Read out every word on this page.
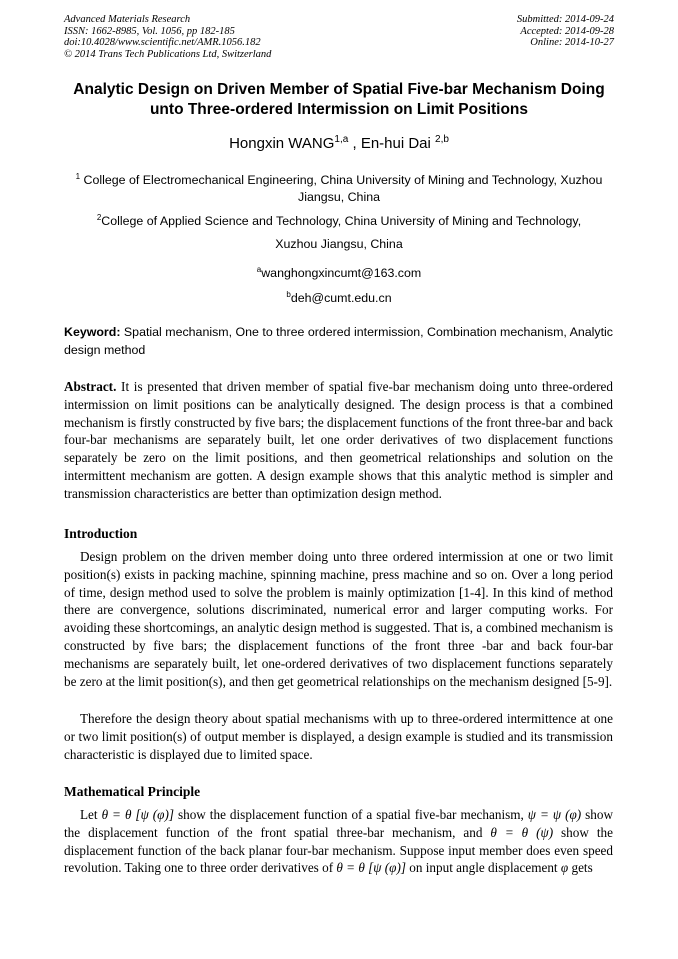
Advanced Materials Research
ISSN: 1662-8985, Vol. 1056, pp 182-185
doi:10.4028/www.scientific.net/AMR.1056.182
© 2014 Trans Tech Publications Ltd, Switzerland
Submitted: 2014-09-24
Accepted: 2014-09-28
Online: 2014-10-27
Analytic Design on Driven Member of Spatial Five-bar Mechanism Doing
unto Three-ordered Intermission on Limit Positions
Hongxin WANG$^{1,a}$ , En-hui Dai $^{2,b}$
$^1$ College of Electromechanical Engineering, China University of Mining and Technology, Xuzhou
Jiangsu, China
$^2$College of Applied Science and Technology, China University of Mining and Technology,
Xuzhou Jiangsu, China
$^a$wanghongxincumt@163.com
$^b$deh@cumt.edu.cn
Keyword: Spatial mechanism, One to three ordered intermission, Combination mechanism, Analytic design method
Abstract. It is presented that driven member of spatial five-bar mechanism doing unto three-ordered intermission on limit positions can be analytically designed. The design process is that a combined mechanism is firstly constructed by five bars; the displacement functions of the front three-bar and back four-bar mechanisms are separately built, let one order derivatives of two displacement functions separately be zero on the limit positions, and then geometrical relationships and solution on the intermittent mechanism are gotten. A design example shows that this analytic method is simpler and transmission characteristics are better than optimization design method.
Introduction
Design problem on the driven member doing unto three ordered intermission at one or two limit position(s) exists in packing machine, spinning machine, press machine and so on. Over a long period of time, design method used to solve the problem is mainly optimization [1-4]. In this kind of method there are convergence, solutions discriminated, numerical error and larger computing works. For avoiding these shortcomings, an analytic design method is suggested. That is, a combined mechanism is constructed by five bars; the displacement functions of the front three -bar and back four-bar mechanisms are separately built, let one-ordered derivatives of two displacement functions separately be zero at the limit position(s), and then get geometrical relationships on the mechanism designed [5-9].
Therefore the design theory about spatial mechanisms with up to three-ordered intermittence at one or two limit position(s) of output member is displayed, a design example is studied and its transmission characteristic is displayed due to limited space.
Mathematical Principle
Let θ = θ [ψ (φ)] show the displacement function of a spatial five-bar mechanism, ψ = ψ (φ) show the displacement function of the front spatial three-bar mechanism, and θ = θ (ψ) show the displacement function of the back planar four-bar mechanism. Suppose input member does even speed revolution. Taking one to three order derivatives of θ = θ [ψ (φ)] on input angle displacement φ gets
